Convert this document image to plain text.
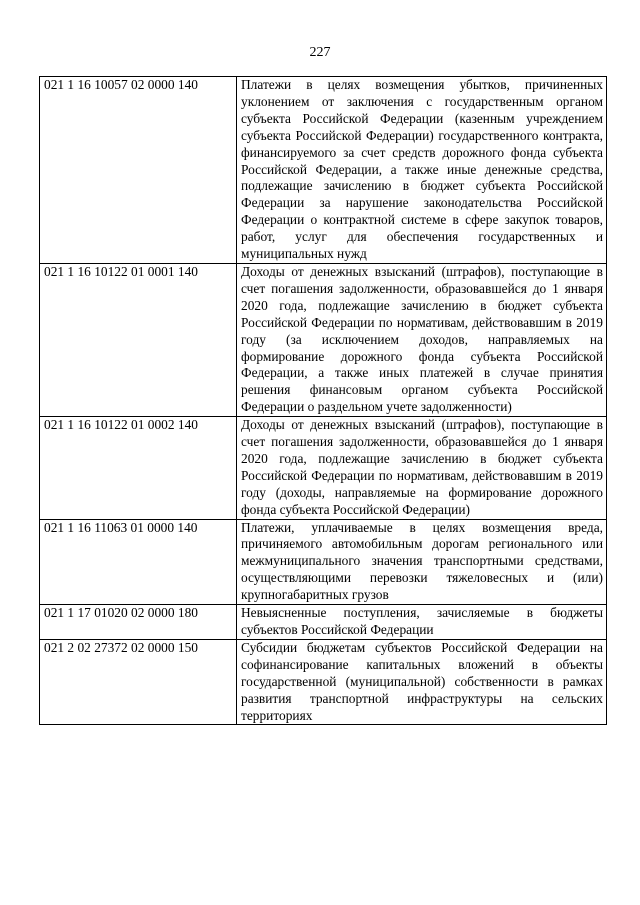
227
021 1 16 10057 02 0000 140	Платежи в целях возмещения убытков, причиненных уклонением от заключения с государственным органом субъекта Российской Федерации (казенным учреждением субъекта Российской Федерации) государственного контракта, финансируемого за счет средств дорожного фонда субъекта Российской Федерации, а также иные денежные средства, подлежащие зачислению в бюджет субъекта Российской Федерации за нарушение законодательства Российской Федерации о контрактной системе в сфере закупок товаров, работ, услуг для обеспечения государственных и муниципальных нужд
021 1 16 10122 01 0001 140	Доходы от денежных взысканий (штрафов), поступающие в счет погашения задолженности, образовавшейся до 1 января 2020 года, подлежащие зачислению в бюджет субъекта Российской Федерации по нормативам, действовавшим в 2019 году (за исключением доходов, направляемых на формирование дорожного фонда субъекта Российской Федерации, а также иных платежей в случае принятия решения финансовым органом субъекта Российской Федерации о раздельном учете задолженности)
021 1 16 10122 01 0002 140	Доходы от денежных взысканий (штрафов), поступающие в счет погашения задолженности, образовавшейся до 1 января 2020 года, подлежащие зачислению в бюджет субъекта Российской Федерации по нормативам, действовавшим в 2019 году (доходы, направляемые на формирование дорожного фонда субъекта Российской Федерации)
021 1 16 11063 01 0000 140	Платежи, уплачиваемые в целях возмещения вреда, причиняемого автомобильным дорогам регионального или межмуниципального значения транспортными средствами, осуществляющими перевозки тяжеловесных и (или) крупногабаритных грузов
021 1 17 01020 02 0000 180	Невыясненные поступления, зачисляемые в бюджеты субъектов Российской Федерации
021 2 02 27372 02 0000 150	Субсидии бюджетам субъектов Российской Федерации на софинансирование капитальных вложений в объекты государственной (муниципальной) собственности в рамках развития транспортной инфраструктуры на сельских территориях
